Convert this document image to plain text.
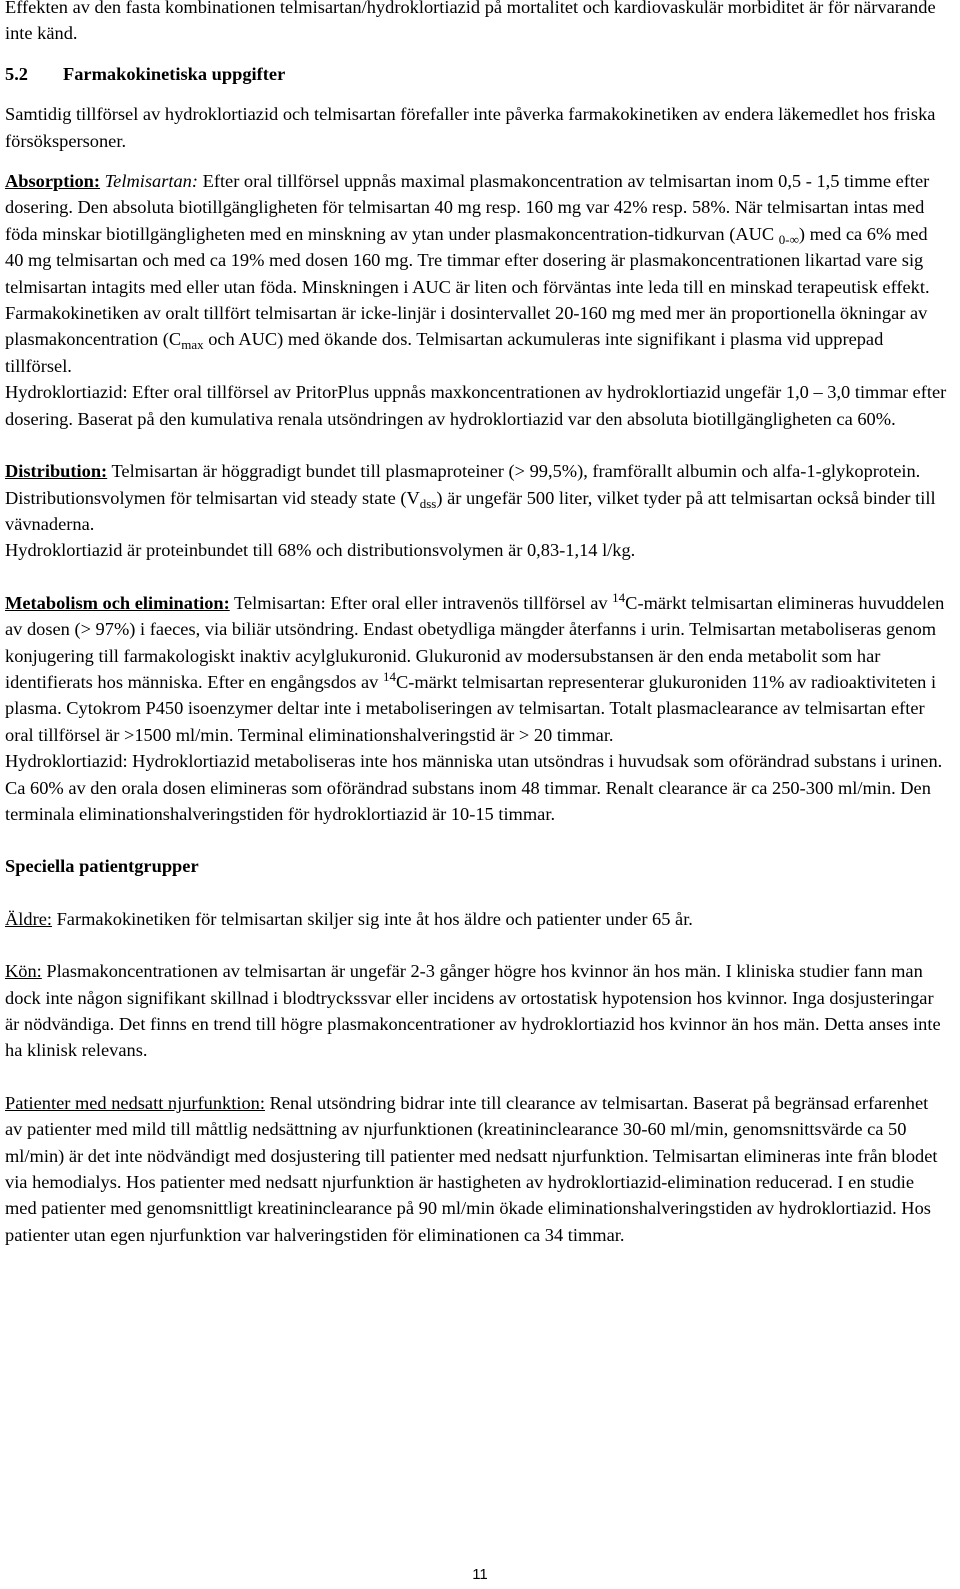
Effekten av den fasta kombinationen telmisartan/hydroklortiazid på mortalitet och kardiovaskulär morbiditet är för närvarande inte känd.

5.2 Farmakokinetiska uppgifter

Samtidig tillförsel av hydroklortiazid och telmisartan förefaller inte påverka farmakokinetiken av endera läkemedlet hos friska försökspersoner.

Absorption: Telmisartan: Efter oral tillförsel uppnås maximal plasmakoncentration av telmisartan inom 0,5 - 1,5 timme efter dosering. Den absoluta biotillgängligheten för telmisartan 40 mg resp. 160 mg var 42% resp. 58%. När telmisartan intas med föda minskar biotillgängligheten med en minskning av ytan under plasmakoncentration-tidkurvan (AUC $_{0-\infty}$) med ca 6% med 40 mg telmisartan och med ca 19% med dosen 160 mg. Tre timmar efter dosering är plasmakoncentrationen likartad vare sig telmisartan intagits med eller utan föda. Minskningen i AUC är liten och förväntas inte leda till en minskad terapeutisk effekt. Farmakokinetiken av oralt tillfört telmisartan är icke-linjär i dosintervallet 20-160 mg med mer än proportionella ökningar av plasmakoncentration ($C_{max}$ och AUC) med ökande dos. Telmisartan ackumuleras inte signifikant i plasma vid upprepad tillförsel.

Hydroklortiazid: Efter oral tillförsel av PritorPlus uppnås maxkoncentrationen av hydroklortiazid ungefär 1,0 – 3,0 timmar efter dosering. Baserat på den kumulativa renala utsöndringen av hydroklortiazid var den absoluta biotillgängligheten ca 60%.

Distribution: Telmisartan är höggradigt bundet till plasmaproteiner (> 99,5%), framförallt albumin och alfa-1-glykoprotein. Distributionsvolymen för telmisartan vid steady state $(V_{dss})$ är ungefär 500 liter, vilket tyder på att telmisartan också binder till vävnaderna.

Hydroklortiazid är proteinbundet till 68% och distributionsvolymen är 0,83-1,14 l/kg.

Metabolism och elimination: Telmisartan: Efter oral eller intravenös tillförsel av $^{14}$C-märkt telmisartan elimineras huvuddelen av dosen (> 97%) i faeces, via biliär utsöndring. Endast obetydliga mängder återfanns i urin. Telmisartan metaboliseras genom konjugering till farmakologiskt inaktiv acylglukuronid. Glukuronid av modersubstansen är den enda metabolit som har identifierats hos människa. Efter en engångsdos av $^{14}$C-märkt telmisartan representerar glukuroniden 11% av radioaktiviteten i plasma. Cytokrom P450 isoenzymer deltar inte i metaboliseringen av telmisartan. Totalt plasmaclearance av telmisartan efter oral tillförsel är >1500 ml/min. Terminal eliminationshalveringstid är > 20 timmar.

Hydroklortiazid: Hydroklortiazid metaboliseras inte hos människa utan utsöndras i huvudsak som oförändrad substans i urinen. Ca 60% av den orala dosen elimineras som oförändrad substans inom 48 timmar. Renalt clearance är ca 250-300 ml/min. Den terminala eliminationshalveringstiden för hydroklortiazid är 10-15 timmar.

Speciella patientgrupper

Äldre: Farmakokinetiken för telmisartan skiljer sig inte åt hos äldre och patienter under 65 år.

Kön: Plasmakoncentrationen av telmisartan är ungefär 2-3 gånger högre hos kvinnor än hos män. I kliniska studier fann man dock inte någon signifikant skillnad i blodtryckssvar eller incidens av ortostatisk hypotension hos kvinnor. Inga dosjusteringar är nödvändiga. Det finns en trend till högre plasmakoncentrationer av hydroklortiazid hos kvinnor än hos män. Detta anses inte ha klinisk relevans.

Patienter med nedsatt njurfunktion: Renal utsöndring bidrar inte till clearance av telmisartan. Baserat på begränsad erfarenhet av patienter med mild till måttlig nedsättning av njurfunktionen (kreatininclearance 30-60 ml/min, genomsnittsvärde ca 50 ml/min) är det inte nödvändigt med dosjustering till patienter med nedsatt njurfunktion. Telmisartan elimineras inte från blodet via hemodialys. Hos patienter med nedsatt njurfunktion är hastigheten av hydroklortiazid-elimination reducerad. I en studie med patienter med genomsnittligt kreatininclearance på 90 ml/min ökade eliminationshalveringstiden av hydroklortiazid. Hos patienter utan egen njurfunktion var halveringstiden för eliminationen ca 34 timmar.

11
